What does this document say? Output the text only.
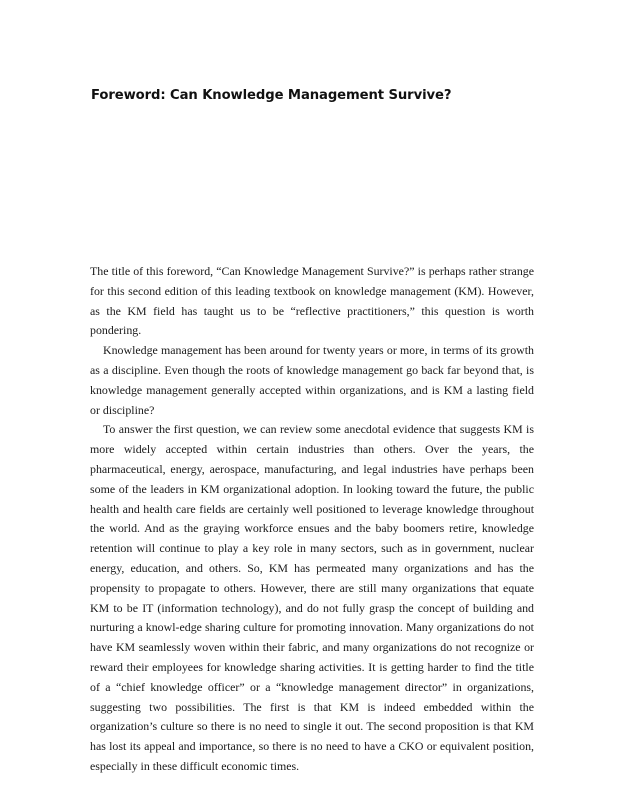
Foreword: Can Knowledge Management Survive?

The title of this foreword, “Can Knowledge Management Survive?” is perhaps rather strange for this second edition of this leading textbook on knowledge management (KM). However, as the KM field has taught us to be “reflective practitioners,” this question is worth pondering.

Knowledge management has been around for twenty years or more, in terms of its growth as a discipline. Even though the roots of knowledge management go back far beyond that, is knowledge management generally accepted within organizations, and is KM a lasting field or discipline?

To answer the first question, we can review some anecdotal evidence that suggests KM is more widely accepted within certain industries than others. Over the years, the pharmaceutical, energy, aerospace, manufacturing, and legal industries have perhaps been some of the leaders in KM organizational adoption. In looking toward the future, the public health and health care fields are certainly well positioned to leverage knowledge throughout the world. And as the graying workforce ensues and the baby boomers retire, knowledge retention will continue to play a key role in many sectors, such as in government, nuclear energy, education, and others. So, KM has permeated many organizations and has the propensity to propagate to others. However, there are still many organizations that equate KM to be IT (information technology), and do not fully grasp the concept of building and nurturing a knowl-edge sharing culture for promoting innovation. Many organizations do not have KM seamlessly woven within their fabric, and many organizations do not recognize or reward their employees for knowledge sharing activities. It is getting harder to find the title of a “chief knowledge officer” or a “knowledge management director” in organizations, suggesting two possibilities. The first is that KM is indeed embedded within the organization’s culture so there is no need to single it out. The second proposition is that KM has lost its appeal and importance, so there is no need to have a CKO or equivalent position, especially in these difficult economic times.
